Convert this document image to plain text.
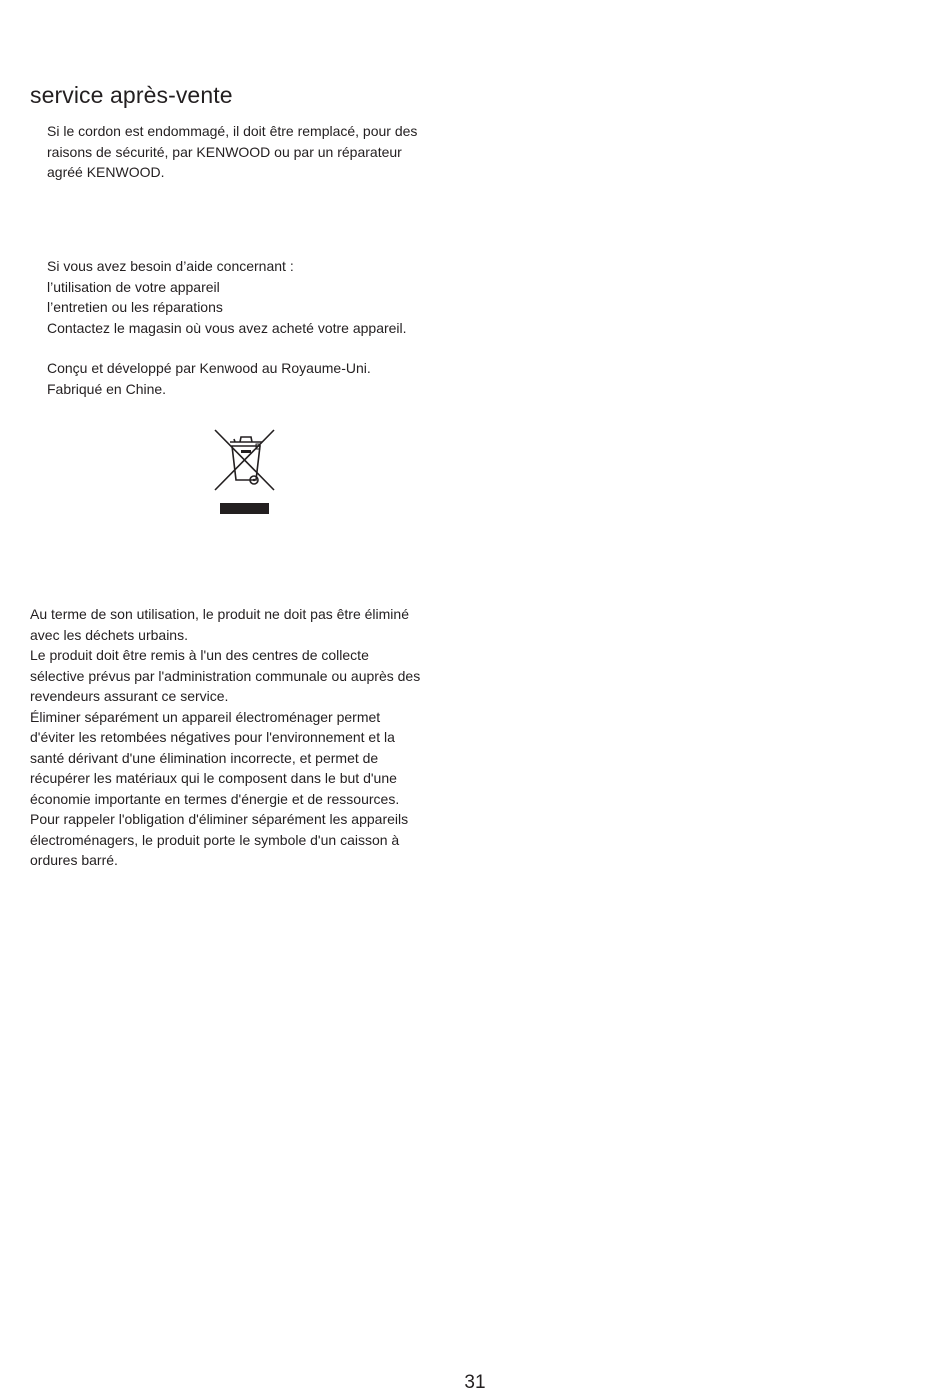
service après-vente

Si le cordon est endommagé, il doit être remplacé, pour des
raisons de sécurité, par KENWOOD ou par un réparateur
agréé KENWOOD.

Si vous avez besoin d’aide concernant :
l’utilisation de votre appareil
l’entretien ou les réparations
Contactez le magasin où vous avez acheté votre appareil.

Conçu et développé par Kenwood au Royaume-Uni.
Fabriqué en Chine.

Au terme de son utilisation, le produit ne doit pas être éliminé
avec les déchets urbains.
Le produit doit être remis à l'un des centres de collecte
sélective prévus par l'administration communale ou auprès des
revendeurs assurant ce service.
Éliminer séparément un appareil électroménager permet
d'éviter les retombées négatives pour l'environnement et la
santé dérivant d'une élimination incorrecte, et permet de
récupérer les matériaux qui le composent dans le but d'une
économie importante en termes d'énergie et de ressources.
Pour rappeler l'obligation d'éliminer séparément les appareils
électroménagers, le produit porte le symbole d'un caisson à
ordures barré.

31
